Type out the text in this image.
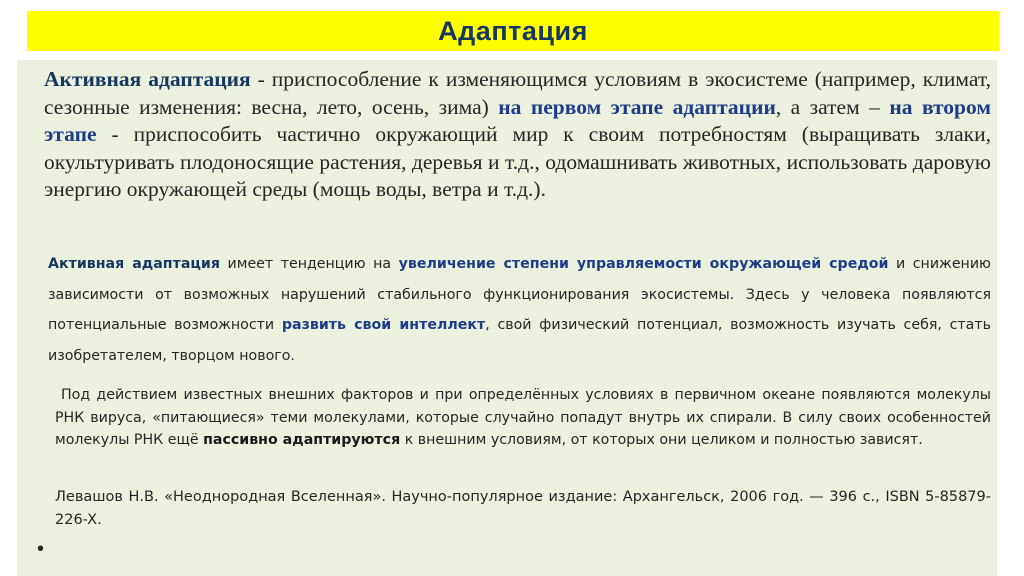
Адаптация

Активная адаптация - приспособление к изменяющимся условиям в экосистеме (например, климат, сезонные изменения: весна, лето, осень, зима) на первом этапе адаптации, а затем – на втором этапе - приспособить частично окружающий мир к своим потребностям (выращивать злаки, окультуривать плодоносящие растения, деревья и т.д., одомашнивать животных, использовать даровую энергию окружающей среды (мощь воды, ветра и т.д.).

Активная адаптация имеет тенденцию на увеличение степени управляемости окружающей средой и снижению зависимости от возможных нарушений стабильного функционирования экосистемы. Здесь у человека появляются потенциальные возможности развить свой интеллект, свой физический потенциал, возможность изучать себя, стать изобретателем, творцом нового.

Под действием известных внешних факторов и при определённых условиях в первичном океане появляются молекулы РНК вируса, «питающиеся» теми молекулами, которые случайно попадут внутрь их спирали. В силу своих особенностей молекулы РНК ещё пассивно адаптируются к внешним условиям, от которых они целиком и полностью зависят.

Левашов Н.В. «Неоднородная Вселенная». Научно-популярное издание: Архангельск, 2006 год. — 396 с., ISBN 5-85879-226-X.

•
